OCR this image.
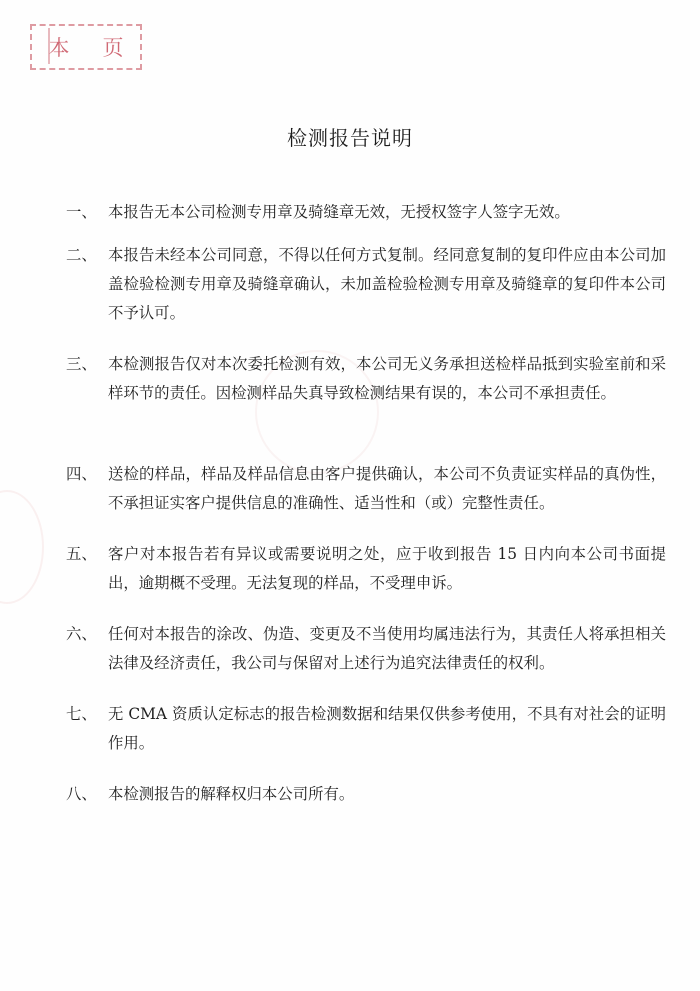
本 页
检测报告说明
一、 本报告无本公司检测专用章及骑缝章无效，无授权签字人签字无效。
二、 本报告未经本公司同意，不得以任何方式复制。经同意复制的复印件应由本公司加盖检验检测专用章及骑缝章确认，未加盖检验检测专用章及骑缝章的复印件本公司不予认可。
三、 本检测报告仅对本次委托检测有效，本公司无义务承担送检样品抵到实验室前和采样环节的责任。因检测样品失真导致检测结果有误的，本公司不承担责任。
四、 送检的样品，样品及样品信息由客户提供确认，本公司不负责证实样品的真伪性，不承担证实客户提供信息的准确性、适当性和（或）完整性责任。
五、 客户对本报告若有异议或需要说明之处，应于收到报告 15 日内向本公司书面提出，逾期概不受理。无法复现的样品，不受理申诉。
六、 任何对本报告的涂改、伪造、变更及不当使用均属违法行为，其责任人将承担相关法律及经济责任，我公司与保留对上述行为追究法律责任的权利。
七、 无 CMA 资质认定标志的报告检测数据和结果仅供参考使用，不具有对社会的证明作用。
八、 本检测报告的解释权归本公司所有。
